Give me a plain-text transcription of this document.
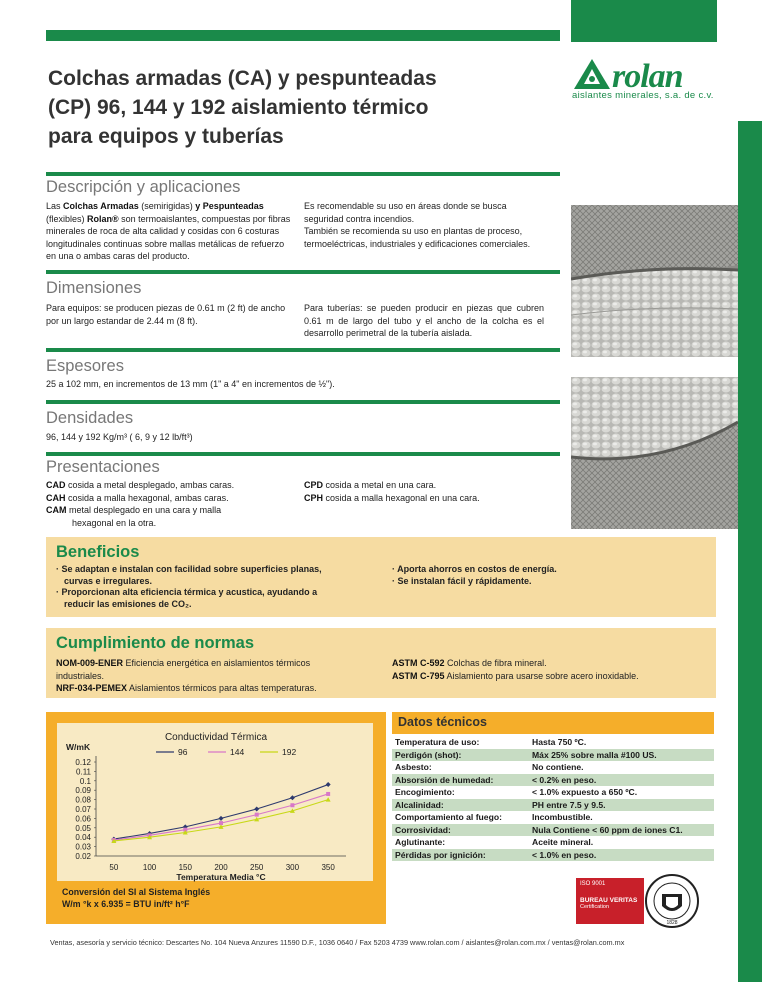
Colchas armadas (CA) y pespunteadas
(CP) 96, 144 y 192 aislamiento térmico
para equipos y tuberías
rolan
aislantes minerales, s.a. de c.v.
Descripción y aplicaciones
Las Colchas Armadas (semirigidas) y Pespunteadas (flexibles) Rolan® son termoaislantes, compuestas por fibras minerales de roca de alta calidad y cosidas con 6 costuras longitudinales continuas sobre mallas metálicas de refuerzo en una o ambas caras del producto.
Es recomendable su uso en áreas donde se busca seguridad contra incendios.
También se recomienda su uso en plantas de proceso, termoeléctricas, industriales y edificaciones comerciales.
Dimensiones
Para equipos: se producen piezas de 0.61 m (2 ft) de ancho por un largo estandar de 2.44 m (8 ft).
Para tuberías: se pueden producir en piezas que cubren 0.61 m de largo del tubo y el ancho de la colcha es el desarrollo perimetral de la tubería aislada.
Espesores
25 a 102 mm, en incrementos de 13 mm (1" a 4" en incrementos de ½").
Densidades
96, 144 y 192 Kg/m³ ( 6, 9 y 12 lb/ft³)
Presentaciones
CAD cosida a metal desplegado, ambas caras.
CAH cosida a malla hexagonal, ambas caras.
CAM metal desplegado en una cara y malla
hexagonal en la otra.
CPD cosida a metal en una cara.
CPH cosida a malla hexagonal en una cara.
Beneficios
· Se adaptan e instalan con facilidad sobre superficies planas,
curvas e irregulares.
· Proporcionan alta eficiencia térmica y acustica, ayudando a
reducir las emisiones de CO₂.
· Aporta ahorros en costos de energía.
· Se instalan fácil y rápidamente.
Cumplimiento de normas
NOM-009-ENER Eficiencia energética en aislamientos térmicos
industriales.
NRF-034-PEMEX Aislamientos térmicos para altas temperaturas.
ASTM C-592 Colchas de fibra mineral.
ASTM C-795 Aislamiento para usarse sobre acero inoxidable.
Conductividad Térmica
W/mK
Temperatura Media °C
96	144	192
0.12
0.11
0.1
0.09
0.08
0.07
0.06
0.05
0.04
0.03
0.02
50	100	150	200	250	300	350
Conversión del SI al Sistema Inglés
W/m °k x 6.935 = BTU in/ft² h°F
Datos técnicos
Temperatura de uso:	Hasta 750 ºC.
Perdigón (shot):	Máx 25% sobre malla #100 US.
Asbesto:	No contiene.
Absorsión de humedad:	< 0.2% en peso.
Encogimiento:	< 1.0% expuesto a 650 ºC.
Alcalinidad:	PH entre 7.5 y 9.5.
Comportamiento al fuego:	Incombustible.
Corrosividad:	Nula Contiene < 60 ppm de iones C1.
Aglutinante:	Aceite mineral.
Pérdidas por ignición:	< 1.0% en peso.
ISO 9001
BUREAU VERITAS
Certification
1828
Ventas, asesoría y servicio técnico: Descartes No. 104 Nueva Anzures 11590 D.F., 1036 0640 / Fax 5203 4739 www.rolan.com / aislantes@rolan.com.mx / ventas@rolan.com.mx
